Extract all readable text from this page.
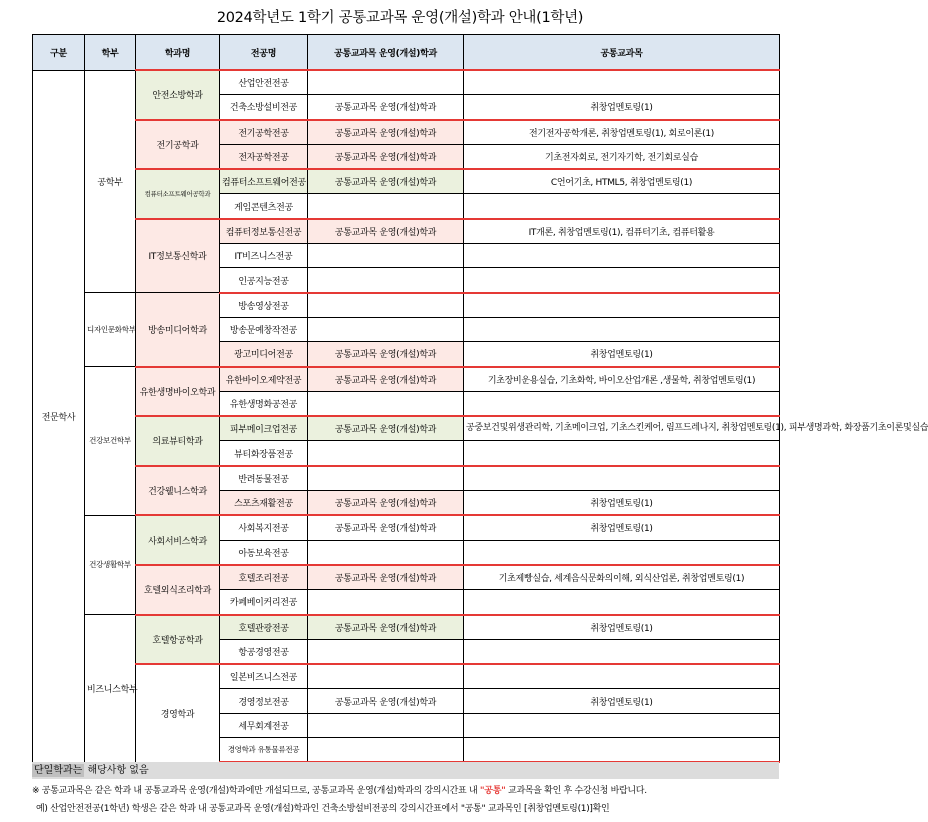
2024학년도 1학기 공통교과목 운영(개설)학과 안내(1학년)
구분	학부	학과명	전공명	공통교과목 운영(개설)학과	공통교과목
전문학사	공학부	안전소방학과	산업안전전공		
			건축소방설비전공	공통교과목 운영(개설)학과	취창업멘토링(1)
		전기공학과	전기공학전공	공통교과목 운영(개설)학과	전기전자공학개론, 취창업멘토링(1), 회로이론(1)
			전자공학전공	공통교과목 운영(개설)학과	기초전자회로, 전기자기학, 전기회로실습
		컴퓨터소프트웨어공학과	컴퓨터소프트웨어전공	공통교과목 운영(개설)학과	C언어기초, HTML5, 취창업멘토링(1)
			게임콘텐츠전공		
		IT정보통신학과	컴퓨터정보통신전공	공통교과목 운영(개설)학과	IT개론, 취창업멘토링(1), 컴퓨터기초, 컴퓨터활용
			IT비즈니스전공		
			인공지능전공		
	디자인문화학부	방송미디어학과	방송영상전공		
			방송문예창작전공		
			광고미디어전공	공통교과목 운영(개설)학과	취창업멘토링(1)
	건강보건학부	유한생명바이오학과	유한바이오제약전공	공통교과목 운영(개설)학과	기초장비운용실습, 기초화학, 바이오산업개론 ,생물학, 취창업멘토링(1)
			유한생명화공전공		
		의료뷰티학과	피부메이크업전공	공통교과목 운영(개설)학과	공중보건및위생관리학, 기초메이크업, 기초스킨케어, 림프드레나지, 취창업멘토링(1), 피부생명과학, 화장품기초이론및실습
			뷰티화장품전공		
		건강웰니스학과	반려동물전공		
			스포츠재활전공	공통교과목 운영(개설)학과	취창업멘토링(1)
	건강생활학부	사회서비스학과	사회복지전공	공통교과목 운영(개설)학과	취창업멘토링(1)
			아동보육전공		
		호텔외식조리학과	호텔조리전공	공통교과목 운영(개설)학과	기초제빵실습, 세계음식문화의이해, 외식산업론, 취창업멘토링(1)
			카페베이커리전공		
	비즈니스학부	호텔항공학과	호텔관광전공	공통교과목 운영(개설)학과	취창업멘토링(1)
			항공경영전공		
		경영학과	일본비즈니스전공		
			경영정보전공	공통교과목 운영(개설)학과	취창업멘토링(1)
			세무회계전공		
			경영학과 유통물류전공		
단일학과는 해당사항 없음
※ 공통교과목은 같은 학과 내 공통교과목 운영(개설)학과에만 개설되므로, 공통교과목 운영(개설)학과의 강의시간표 내 "공통" 교과목을 확인 후 수강신청 바랍니다.
예) 산업안전전공(1학년) 학생은 같은 학과 내 공통교과목 운영(개설)학과인 건축소방설비전공의 강의시간표에서 "공통" 교과목인 [취창업멘토링(1)]확인
